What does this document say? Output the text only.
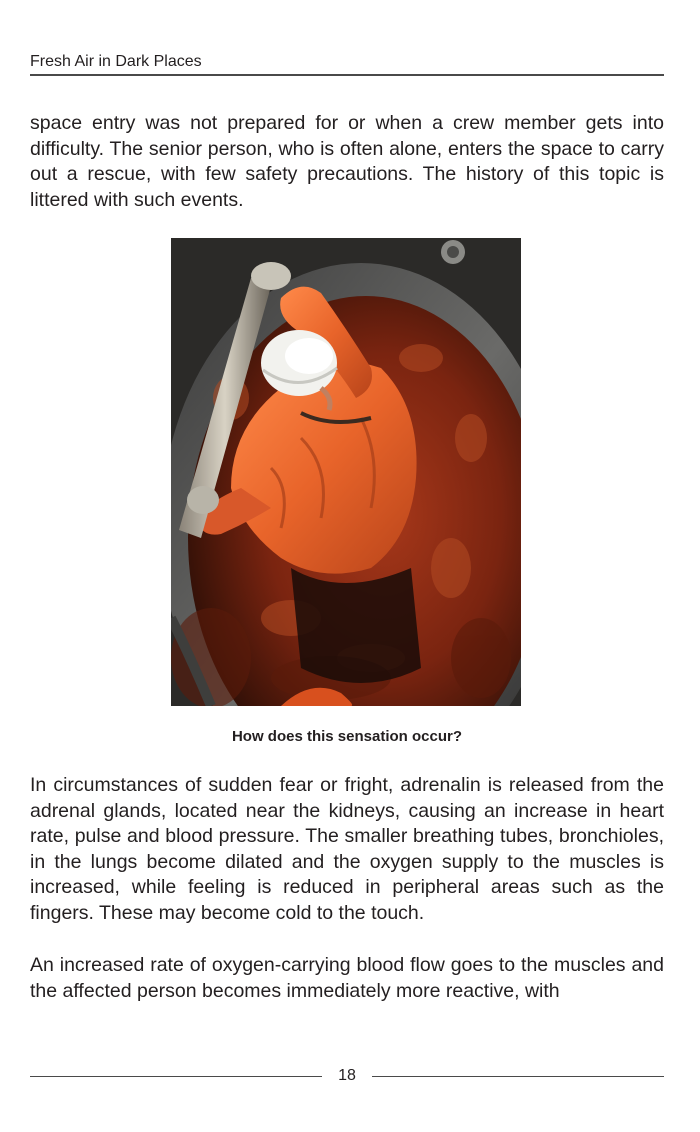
Fresh Air in Dark Places

space entry was not prepared for or when a crew member gets into difficulty. The senior person, who is often alone, enters the space to carry out a rescue, with few safety precautions. The history of this topic is littered with such events.

How does this sensation occur?

In circumstances of sudden fear or fright, adrenalin is released from the adrenal glands, located near the kidneys, causing an increase in heart rate, pulse and blood pressure. The smaller breathing tubes, bronchioles, in the lungs become dilated and the oxygen supply to the muscles is increased, while feeling is reduced in peripheral areas such as the fingers. These may become cold to the touch.

An increased rate of oxygen-carrying blood flow goes to the muscles and the affected person becomes immediately more reactive, with

18
